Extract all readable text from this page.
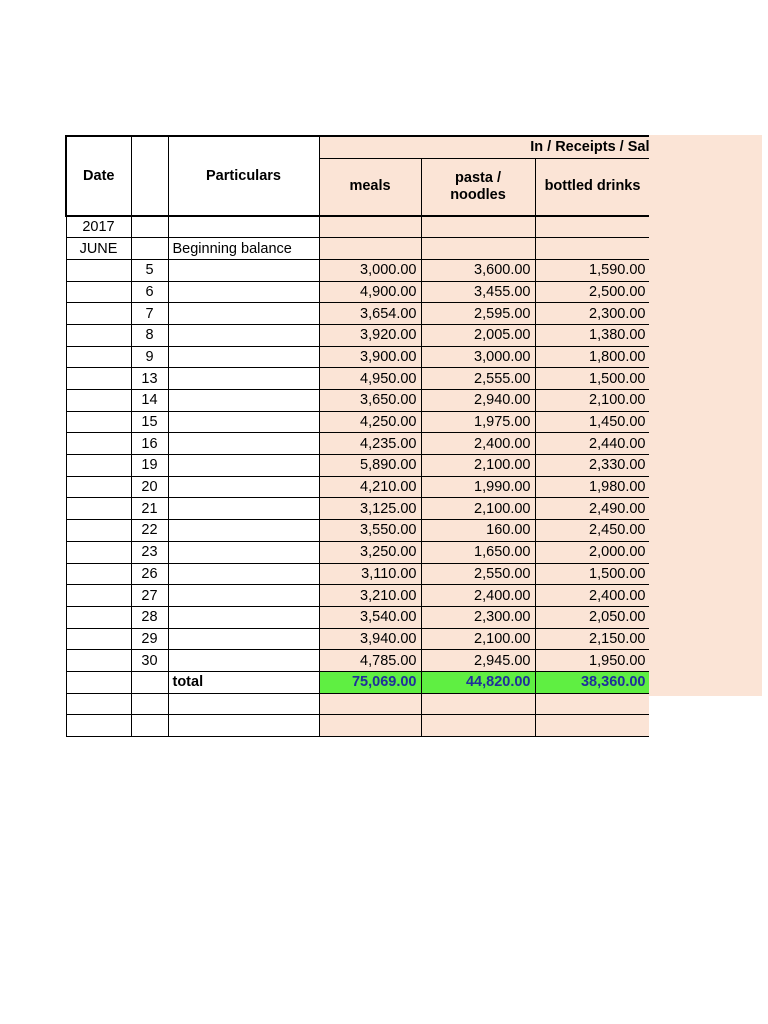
Date		Particulars	In / Receipts / Sal		
			meals	pasta / noodles	bottled drinks
2017					
JUNE		Beginning balance			
	5		3,000.00	3,600.00	1,590.00
	6		4,900.00	3,455.00	2,500.00
	7		3,654.00	2,595.00	2,300.00
	8		3,920.00	2,005.00	1,380.00
	9		3,900.00	3,000.00	1,800.00
	13		4,950.00	2,555.00	1,500.00
	14		3,650.00	2,940.00	2,100.00
	15		4,250.00	1,975.00	1,450.00
	16		4,235.00	2,400.00	2,440.00
	19		5,890.00	2,100.00	2,330.00
	20		4,210.00	1,990.00	1,980.00
	21		3,125.00	2,100.00	2,490.00
	22		3,550.00	160.00	2,450.00
	23		3,250.00	1,650.00	2,000.00
	26		3,110.00	2,550.00	1,500.00
	27		3,210.00	2,400.00	2,400.00
	28		3,540.00	2,300.00	2,050.00
	29		3,940.00	2,100.00	2,150.00
	30		4,785.00	2,945.00	1,950.00
		total	75,069.00	44,820.00	38,360.00
